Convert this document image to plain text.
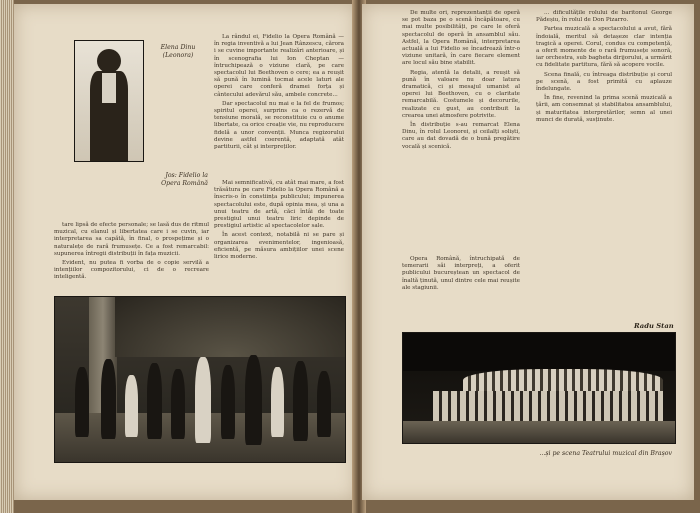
Elena Dinu
(Leonora)
Jos: Fidelio la Opera Română

La rândul ei, Fidelio la Opera Română — în regia inventivă a lui Jean Rânzescu, cărora i se cuvine importante realizări anterioare, și în scenografia lui Ion Cheptan — întruchipează o viziune clară, pe care spectacolul lui Beethoven o cere; ea a reușit să pună în lumină tocmai acele laturi ale operei care conferă dramei forța și cântecului adevărul său, ambele concrete...

Dar spectacolul nu mai e la fel de frumos; spiritul operei, surprins ca o rezervă de tensiune morală, se reconstituie cu o anume libertate, ca orice creație vie, nu reproducere fidelă a unor convenții. Munca regizorului devine astfel coerentă, adaptată atât partiturii, cât și interpreților.

Mai semnificativă, cu atât mai mare, a fost trăsătura pe care Fidelio la Opera Română a înscris-o în constiința publicului; impunerea spectacolului este, după opinia mea, și una a unui teatru de artă, căci întâi de toate prestigiul unui teatru liric depinde de prestigiul artistic al spectacolelor sale.

În acest context, notabilă ni se pare și organizarea evenimentelor, ingenioasă, eficientă, pe măsura ambițiilor unei scene lirice moderne.

tare lipsă de efecte personale; se lasă dus de ritmul muzical, cu elanul și libertatea care i se cuvin, iar interpretarea sa capătă, în final, o prospețime și o naturalețe de rară frumusețe. Ce a fost remarcabil: supunerea întregii distribuții în fața muzicii.

Evident, nu putea fi vorba de o copie servilă a intențiilor compozitorului, ci de o recreare inteligentă.

De multe ori, reprezentanții de operă se pot baza pe o scenă încăpătoare, cu mai multe posibilități, pe care le oferă spectacolul de operă în ansamblul său. Astfel, la Opera Română, interpretarea actuală a lui Fidelio se încadrează într-o viziune unitară, în care fiecare element are locul său bine stabilit.

Regia, atentă la detalii, a reușit să pună în valoare nu doar latura dramatică, ci și mesajul umanist al operei lui Beethoven, cu o claritate remarcabilă. Costumele și decorurile, realizate cu gust, au contribuit la crearea unei atmosfere potrivite.

În distribuție s-au remarcat Elena Dinu, în rolul Leonorei, și ceilalți soliști, care au dat dovadă de o bună pregătire vocală și scenică.

Opera Română, întruchipată de temerarii săi interpreți, a oferit publicului bucureștean un spectacol de înaltă ținută, unul dintre cele mai reușite ale stagiunii.

... dificultățile rolului de baritonul George Pădeșiu, în rolul de Don Pizarro.

Partea muzicală a spectacolului a avut, fără îndoială, meritul să detașeze clar intenția tragică a operei. Corul, condus cu competență, a oferit momente de o rară frumusețe sonoră, iar orchestra, sub bagheta dirijorului, a urmărit cu fidelitate partitura, fără să acopere vocile.

Scena finală, cu întreaga distribuție și corul pe scenă, a fost primită cu aplauze îndelungate.

În fine, revenind la prima scenă muzicală a țării, am consemnat și stabilitatea ansamblului, și maturitatea interpretărilor, semn al unei munci de durată, susținute.

Radu Stan
...și pe scena Teatrului muzical din Brașov
